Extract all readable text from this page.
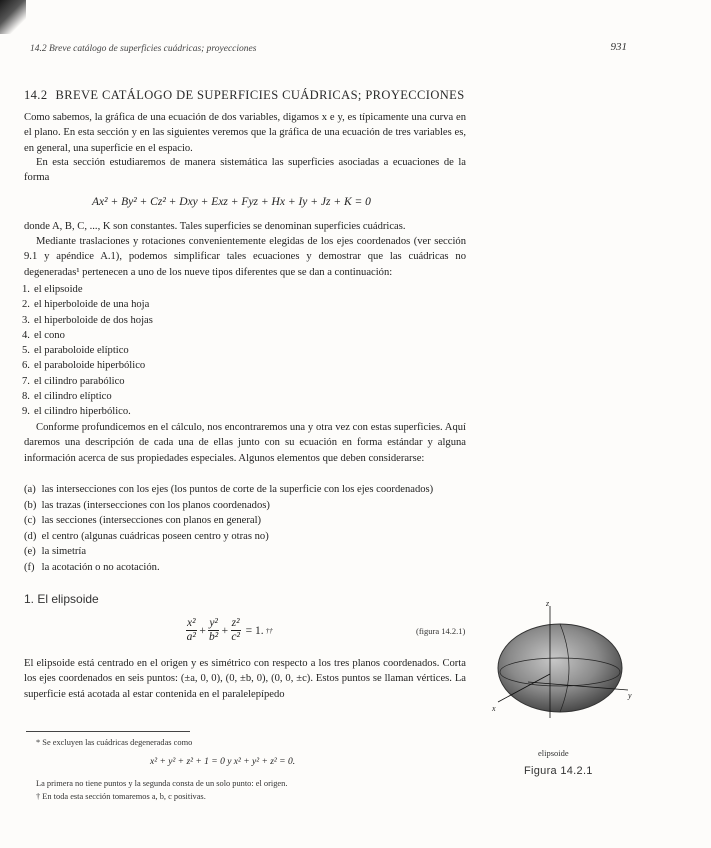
14.2 Breve catálogo de superficies cuádricas; proyecciones	931
14.2 BREVE CATÁLOGO DE SUPERFICIES CUÁDRICAS; PROYECCIONES
Como sabemos, la gráfica de una ecuación de dos variables, digamos x e y, es típicamente una curva en el plano. En esta sección y en las siguientes veremos que la gráfica de una ecuación de tres variables es, en general, una superficie en el espacio.
En esta sección estudiaremos de manera sistemática las superficies asociadas a ecuaciones de la forma
Ax² + By² + Cz² + Dxy + Exz + Fyz + Hx + Iy + Jz + K = 0
donde A, B, C, ..., K son constantes. Tales superficies se denominan superficies cuádricas.
Mediante traslaciones y rotaciones convenientemente elegidas de los ejes coordenados (ver sección 9.1 y apéndice A.1), podemos simplificar tales ecuaciones y demostrar que las cuádricas no degeneradas¹ pertenecen a uno de los nueve tipos diferentes que se dan a continuación:
1. el elipsoide
2. el hiperboloide de una hoja
3. el hiperboloide de dos hojas
4. el cono
5. el paraboloide elíptico
6. el paraboloide hiperbólico
7. el cilindro parabólico
8. el cilindro elíptico
9. el cilindro hiperbólico.
Conforme profundicemos en el cálculo, nos encontraremos una y otra vez con estas superficies. Aquí daremos una descripción de cada una de ellas junto con su ecuación en forma estándar y alguna información acerca de sus propiedades especiales. Algunos elementos que deben considerarse:
(a) las intersecciones con los ejes (los puntos de corte de la superficie con los ejes coordenados)
(b) las trazas (intersecciones con los planos coordenados)
(c) las secciones (intersecciones con planos en general)
(d) el centro (algunas cuádricas poseen centro y otras no)
(e) la simetría
(f) la acotación o no acotación.
1. El elipsoide
$\frac{\text{x²}}{\text{a²}} + \frac{\text{y²}}{\text{b²}} + \frac{\text{z²}}{\text{c²}} = 1$. ††	(figura 14.2.1)
El elipsoide está centrado en el origen y es simétrico con respecto a los tres planos coordenados. Corta los ejes coordenados en seis puntos: (±a, 0, 0), (0, ±b, 0), (0, 0, ±c). Estos puntos se llaman vértices. La superficie está acotada al estar contenida en el paralelepípedo
* Se excluyen las cuádricas degeneradas como
x² + y² + z² + 1 = 0 y x² + y² + z² = 0.
La primera no tiene puntos y la segunda consta de un solo punto: el origen.
† En toda esta sección tomaremos a, b, c positivas.
z
y
x
elipsoide
Figura 14.2.1
